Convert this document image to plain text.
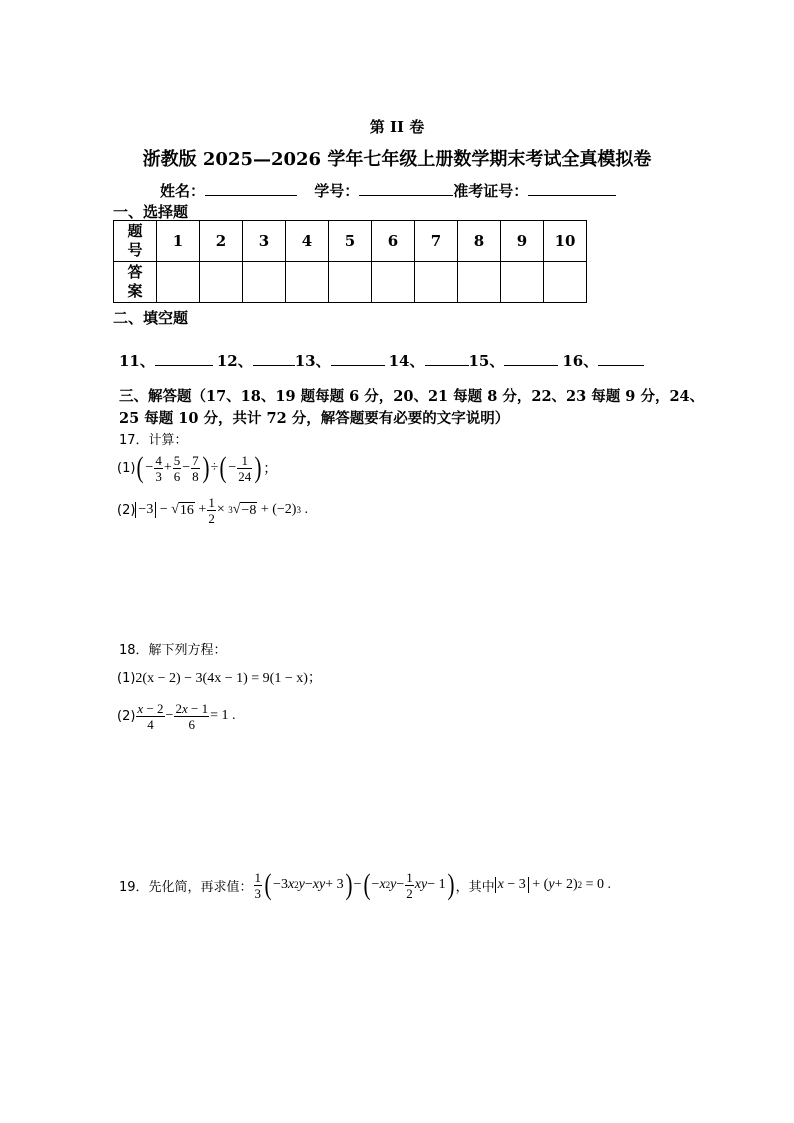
第 II 卷
浙教版 2025—2026 学年七年级上册数学期末考试全真模拟卷
姓名：	学号：	准考证号：
一、选择题
题号	1	2	3	4	5	6	7	8	9	10
答案										
二、填空题
11、	12、	13、	14、	15、	16、
三、解答题（17、18、19 题每题 6 分，20、21 每题 8 分，22、23 每题 9 分，24、
25 每题 10 分，共计 72 分，解答题要有必要的文字说明）
17．计算：
(1) ( − $\frac{4}{3} + \frac{5}{6} - \frac{7}{8}$ ) ÷ ( − $\frac{1}{24}$ ) ；
(2) −3 − √ $16 + \frac{1}{2} \times 3$ √ −8 + (−2) 3 .
18．解下列方程：
(1)2(x − 2) − 3(4x − 1) = 9(1 − x)；
$(2) \frac{x - 2}{4} - \frac{2x - 1}{6} = 1$ .
19．先化简，再求值： $\frac{1}{3}$ ( −3 x 2 y − xy + 3 ) − ( − x 2 $y - \frac{1}{2}$ xy − 1 ) ，其中 x − 3 + ( y + 2) 2 = 0 .
